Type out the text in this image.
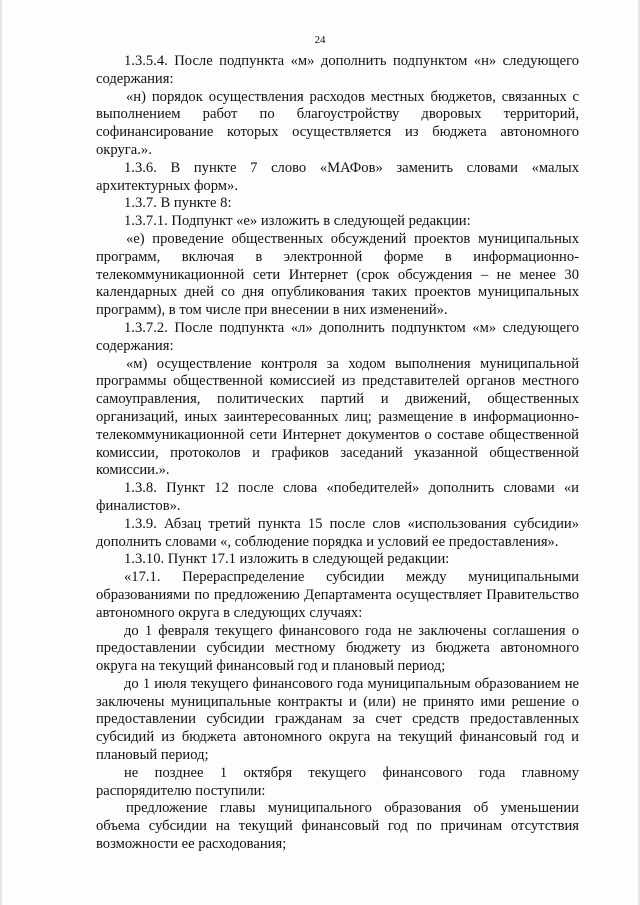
24

1.3.5.4. После подпункта «м» дополнить подпунктом «н» следующего содержания:

«н) порядок осуществления расходов местных бюджетов, связанных с выполнением работ по благоустройству дворовых территорий, софинансирование которых осуществляется из бюджета автономного округа.».

1.3.6. В пункте 7 слово «МАФов» заменить словами «малых архитектурных форм».

1.3.7. В пункте 8:

1.3.7.1. Подпункт «е» изложить в следующей редакции:

«е) проведение общественных обсуждений проектов муниципальных программ, включая в электронной форме в информационно-телекоммуникационной сети Интернет (срок обсуждения – не менее 30 календарных дней со дня опубликования таких проектов муниципальных программ), в том числе при внесении в них изменений».

1.3.7.2. После подпункта «л» дополнить подпунктом «м» следующего содержания:

«м) осуществление контроля за ходом выполнения муниципальной программы общественной комиссией из представителей органов местного самоуправления, политических партий и движений, общественных организаций, иных заинтересованных лиц; размещение в информационно-телекоммуникационной сети Интернет документов о составе общественной комиссии, протоколов и графиков заседаний указанной общественной комиссии.».

1.3.8. Пункт 12 после слова «победителей» дополнить словами «и финалистов».

1.3.9. Абзац третий пункта 15 после слов «использования субсидии» дополнить словами «, соблюдение порядка и условий ее предоставления».

1.3.10. Пункт 17.1 изложить в следующей редакции:

«17.1. Перераспределение субсидии между муниципальными образованиями по предложению Департамента осуществляет Правительство автономного округа в следующих случаях:

до 1 февраля текущего финансового года не заключены соглашения о предоставлении субсидии местному бюджету из бюджета автономного округа на текущий финансовый год и плановый период;

до 1 июля текущего финансового года муниципальным образованием не заключены муниципальные контракты и (или) не принято ими решение о предоставлении субсидии гражданам за счет средств предоставленных субсидий из бюджета автономного округа на текущий финансовый год и плановый период;

не позднее 1 октября текущего финансового года главному распорядителю поступили:

предложение главы муниципального образования об уменьшении объема субсидии на текущий финансовый год по причинам отсутствия возможности ее расходования;
